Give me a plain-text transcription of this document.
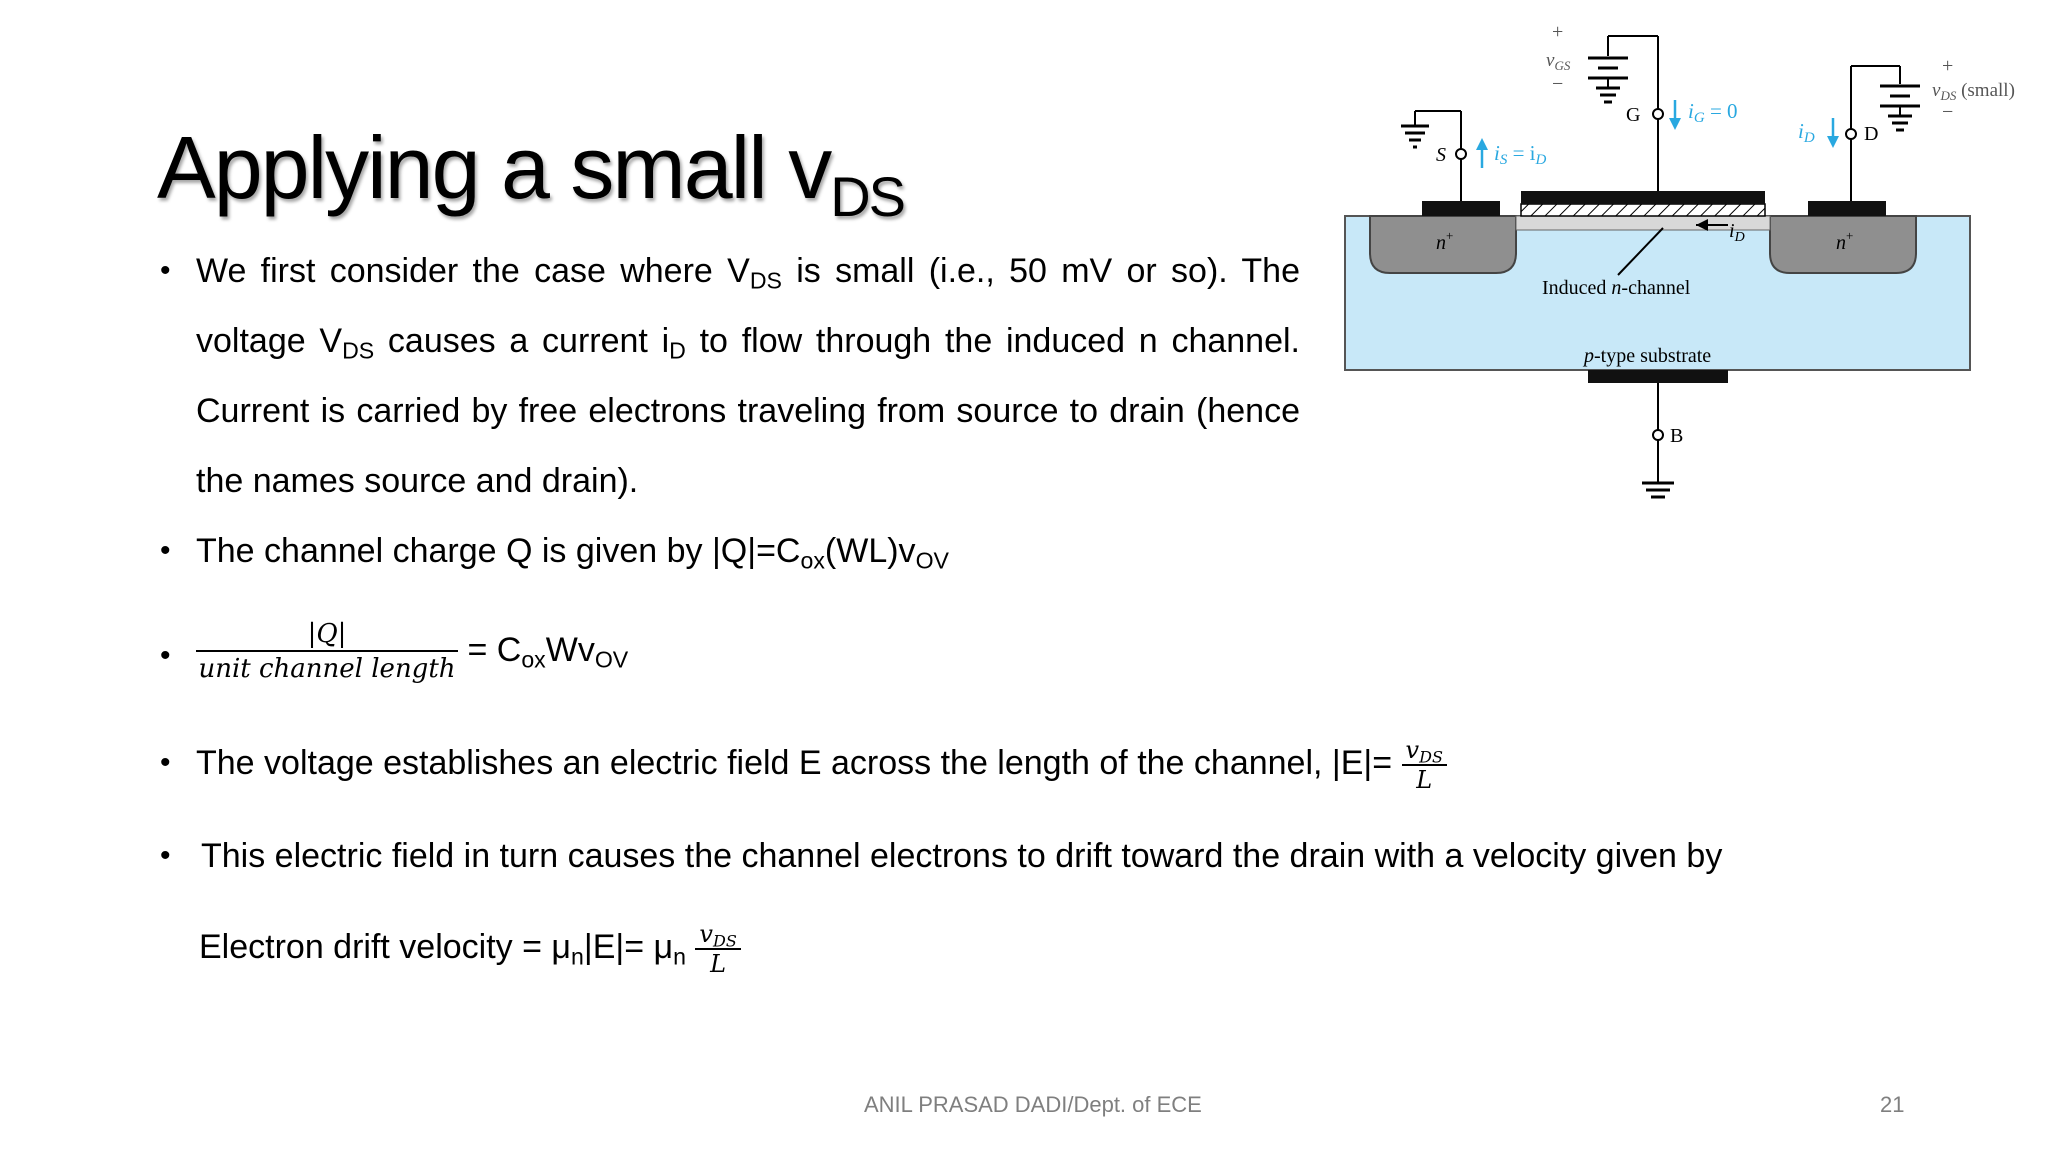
Applying a small $v_{DS}$
• We first consider the case where $V_{DS}$ is small (i.e., 50 mV or so). The voltage $V_{DS}$ causes a current $i_D$ to flow through the induced n channel. Current is carried by free electrons traveling from source to drain (hence the names source and drain).
• The channel charge Q is given by $|Q|=C_{ox}(WL)v_{OV}$
• $\frac{|Q|}{\text{unit channel length}} = C_{ox}Wv_{OV}$
• The voltage establishes an electric field E across the length of the channel, $|E|= \frac{v_{DS}}{L}$
• This electric field in turn causes the channel electrons to drift toward the drain with a velocity given by
Electron drift velocity = $\mu_n|E|= \mu_n \frac{v_{DS}}{L}$
ANIL PRASAD DADI/Dept. of ECE	21
n+	n+
Induced n-channel
p-type substrate
$i_D$
G iG = 0
+
$v_{GS}$
−
S iS = iD
D
iD
+
$v_{DS}$ (small)
−
B
